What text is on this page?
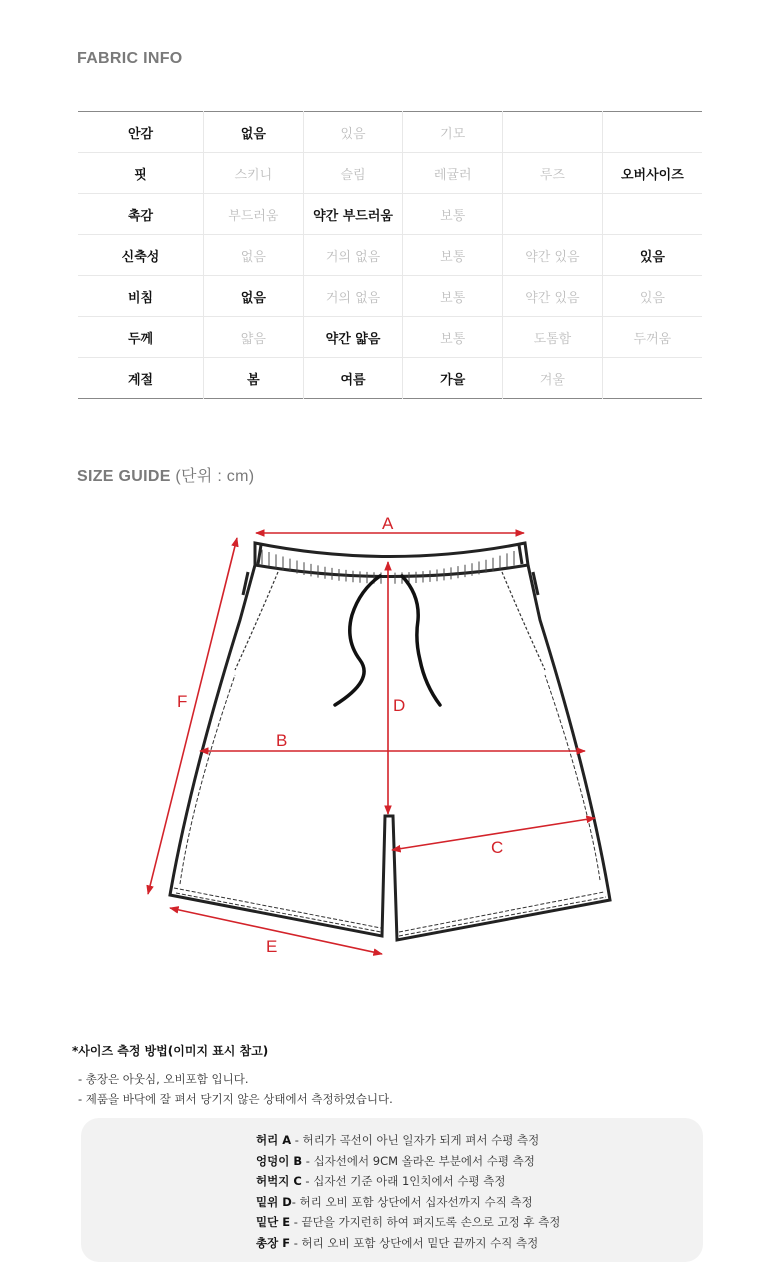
FABRIC INFO
안감	없음	있음	기모		
핏	스키니	슬림	레귤러	루즈	오버사이즈
촉감	부드러움	약간 부드러움	보통		
신축성	없음	거의 없음	보통	약간 있음	있음
비침	없음	거의 없음	보통	약간 있음	있음
두께	얇음	약간 얇음	보통	도톰함	두꺼움
계절	봄	여름	가을	겨울	
SIZE GUIDE (단위 : cm)
A
B
C
D
E
F
*사이즈 측정 방법(이미지 표시 참고)
- 총장은 아웃심, 오비포함 입니다.
- 제품을 바닥에 잘 펴서 당기지 않은 상태에서 측정하였습니다.
허리 A - 허리가 곡선이 아닌 일자가 되게 펴서 수평 측정
엉덩이 B - 십자선에서 9CM 올라온 부분에서 수평 측정
허벅지 C - 십자선 기준 아래 1인치에서 수평 측정
밑위 D- 허리 오비 포함 상단에서 십자선까지 수직 측정
밑단 E - 끝단을 가지런히 하여 펴지도록 손으로 고정 후 측정
총장 F - 허리 오비 포함 상단에서 밑단 끝까지 수직 측정
